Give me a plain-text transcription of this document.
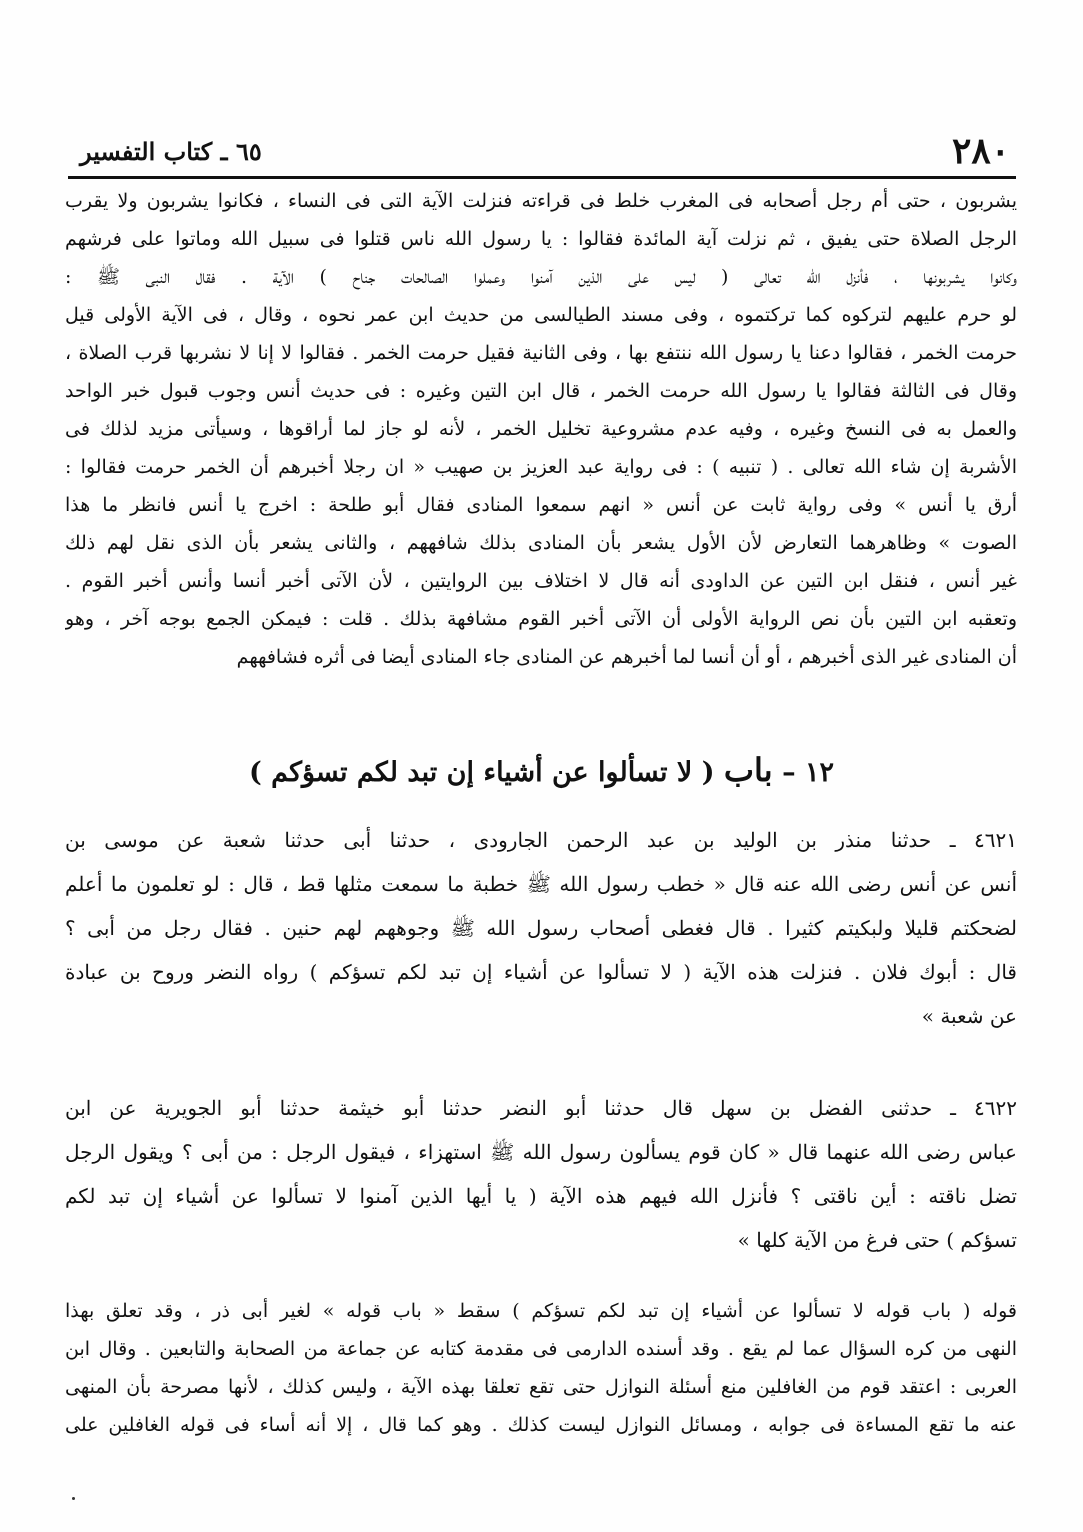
٢٨٠
٦٥ ـ كتاب التفسير
يشربون ، حتى أم رجل أصحابه فى المغرب خلط فى قراءته فنزلت الآية التى فى النساء ، فكانوا يشربون ولا يقرب
الرجل الصلاة حتى يفيق ، ثم نزلت آية المائدة فقالوا : يا رسول الله ناس قتلوا فى سبيل الله وماتوا على فرشهم
وكانوا يشربونها ، فأنزل الله تعالى ( ليس على الذين آمنوا وعملوا الصالحات جناح ) الآية . فقال النبى ﷺ :
لو حرم عليهم لتركوه كما تركتموه ، وفى مسند الطيالسى من حديث ابن عمر نحوه ، وقال ، فى الآية الأولى قيل
حرمت الخمر ، فقالوا دعنا يا رسول الله ننتفع بها ، وفى الثانية فقيل حرمت الخمر . فقالوا لا إنا لا نشربها قرب الصلاة ،
وقال فى الثالثة فقالوا يا رسول الله حرمت الخمر ، قال ابن التين وغيره : فى حديث أنس وجوب قبول خبر الواحد
والعمل به فى النسخ وغيره ، وفيه عدم مشروعية تخليل الخمر ، لأنه لو جاز لما أراقوها ، وسيأتى مزيد لذلك فى
الأشربة إن شاء الله تعالى . ( تنبيه ) : فى رواية عبد العزيز بن صهيب « ان رجلا أخبرهم أن الخمر حرمت فقالوا :
أرق يا أنس » وفى رواية ثابت عن أنس « انهم سمعوا المنادى فقال أبو طلحة : اخرج يا أنس فانظر ما هذا
الصوت » وظاهرهما التعارض لأن الأول يشعر بأن المنادى بذلك شافههم ، والثانى يشعر بأن الذى نقل لهم ذلك
غير أنس ، فنقل ابن التين عن الداودى أنه قال لا اختلاف بين الروايتين ، لأن الآتى أخبر أنسا وأنس أخبر القوم .
وتعقبه ابن التين بأن نص الرواية الأولى أن الآتى أخبر القوم مشافهة بذلك . قلت : فيمكن الجمع بوجه آخر ، وهو
أن المنادى غير الذى أخبرهم ، أو أن أنسا لما أخبرهم عن المنادى جاء المنادى أيضا فى أثره فشافههم
١٢ – باب ( لا تسألوا عن أشياء إن تبد لكم تسؤكم )
٤٦٢١ ـ حدثنا منذر بن الوليد بن عبد الرحمن الجارودى ، حدثنا أبى حدثنا شعبة عن موسى بن
أنس عن أنس رضى الله عنه قال « خطب رسول الله ﷺ خطبة ما سمعت مثلها قط ، قال : لو تعلمون ما أعلم
لضحكتم قليلا ولبكيتم كثيرا . قال فغطى أصحاب رسول الله ﷺ وجوههم لهم حنين . فقال رجل من أبى ؟
قال : أبوك فلان . فنزلت هذه الآية ( لا تسألوا عن أشياء إن تبد لكم تسؤكم ) رواه النضر وروح بن عبادة
عن شعبة »
٤٦٢٢ ـ حدثنى الفضل بن سهل قال حدثنا أبو النضر حدثنا أبو خيثمة حدثنا أبو الجويرية عن ابن
عباس رضى الله عنهما قال « كان قوم يسألون رسول الله ﷺ استهزاء ، فيقول الرجل : من أبى ؟ ويقول الرجل
تضل ناقته : أين ناقتى ؟ فأنزل الله فيهم هذه الآية ( يا أيها الذين آمنوا لا تسألوا عن أشياء إن تبد لكم
تسؤكم ) حتى فرغ من الآية كلها »
قوله ( باب قوله لا تسألوا عن أشياء إن تبد لكم تسؤكم ) سقط « باب قوله » لغير أبى ذر ، وقد تعلق بهذا
النهى من كره السؤال عما لم يقع . وقد أسنده الدارمى فى مقدمة كتابه عن جماعة من الصحابة والتابعين . وقال ابن
العربى : اعتقد قوم من الغافلين منع أسئلة النوازل حتى تقع تعلقا بهذه الآية ، وليس كذلك ، لأنها مصرحة بأن المنهى
عنه ما تقع المساءة فى جوابه ، ومسائل النوازل ليست كذلك . وهو كما قال ، إلا أنه أساء فى قوله الغافلين على
